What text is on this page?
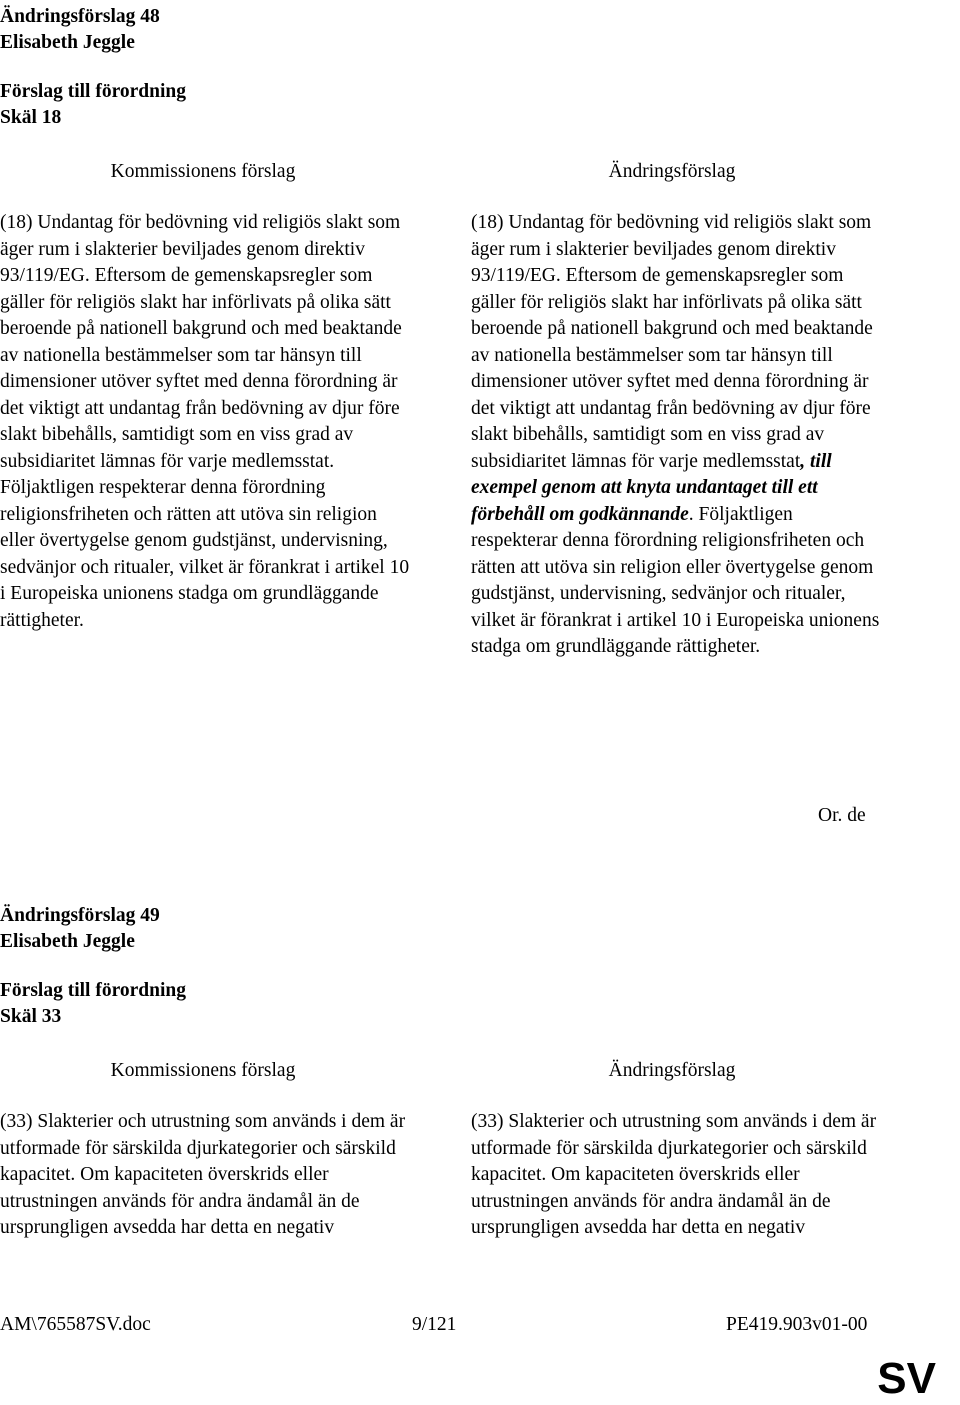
Ändringsförslag 48
Elisabeth Jeggle
Förslag till förordning
Skäl 18
Kommissionens förslag	Ändringsförslag

(18) Undantag för bedövning vid religiös slakt som äger rum i slakterier beviljades genom direktiv 93/119/EG. Eftersom de gemenskapsregler som gäller för religiös slakt har införlivats på olika sätt beroende på nationell bakgrund och med beaktande av nationella bestämmelser som tar hänsyn till dimensioner utöver syftet med denna förordning är det viktigt att undantag från bedövning av djur före slakt bibehålls, samtidigt som en viss grad av subsidiaritet lämnas för varje medlemsstat. Följaktligen respekterar denna förordning religionsfriheten och rätten att utöva sin religion eller övertygelse genom gudstjänst, undervisning, sedvänjor och ritualer, vilket är förankrat i artikel 10 i Europeiska unionens stadga om grundläggande rättigheter.

(18) Undantag för bedövning vid religiös slakt som äger rum i slakterier beviljades genom direktiv 93/119/EG. Eftersom de gemenskapsregler som gäller för religiös slakt har införlivats på olika sätt beroende på nationell bakgrund och med beaktande av nationella bestämmelser som tar hänsyn till dimensioner utöver syftet med denna förordning är det viktigt att undantag från bedövning av djur före slakt bibehålls, samtidigt som en viss grad av subsidiaritet lämnas för varje medlemsstat, till exempel genom att knyta undantaget till ett förbehåll om godkännande. Följaktligen respekterar denna förordning religionsfriheten och rätten att utöva sin religion eller övertygelse genom gudstjänst, undervisning, sedvänjor och ritualer, vilket är förankrat i artikel 10 i Europeiska unionens stadga om grundläggande rättigheter.

Or. de
Ändringsförslag 49
Elisabeth Jeggle
Förslag till förordning
Skäl 33
Kommissionens förslag	Ändringsförslag

(33) Slakterier och utrustning som används i dem är utformade för särskilda djurkategorier och särskild kapacitet. Om kapaciteten överskrids eller utrustningen används för andra ändamål än de ursprungligen avsedda har detta en negativ

(33) Slakterier och utrustning som används i dem är utformade för särskilda djurkategorier och särskild kapacitet. Om kapaciteten överskrids eller utrustningen används för andra ändamål än de ursprungligen avsedda har detta en negativ

AM\765587SV.doc	9/121	PE419.903v01-00
SV
